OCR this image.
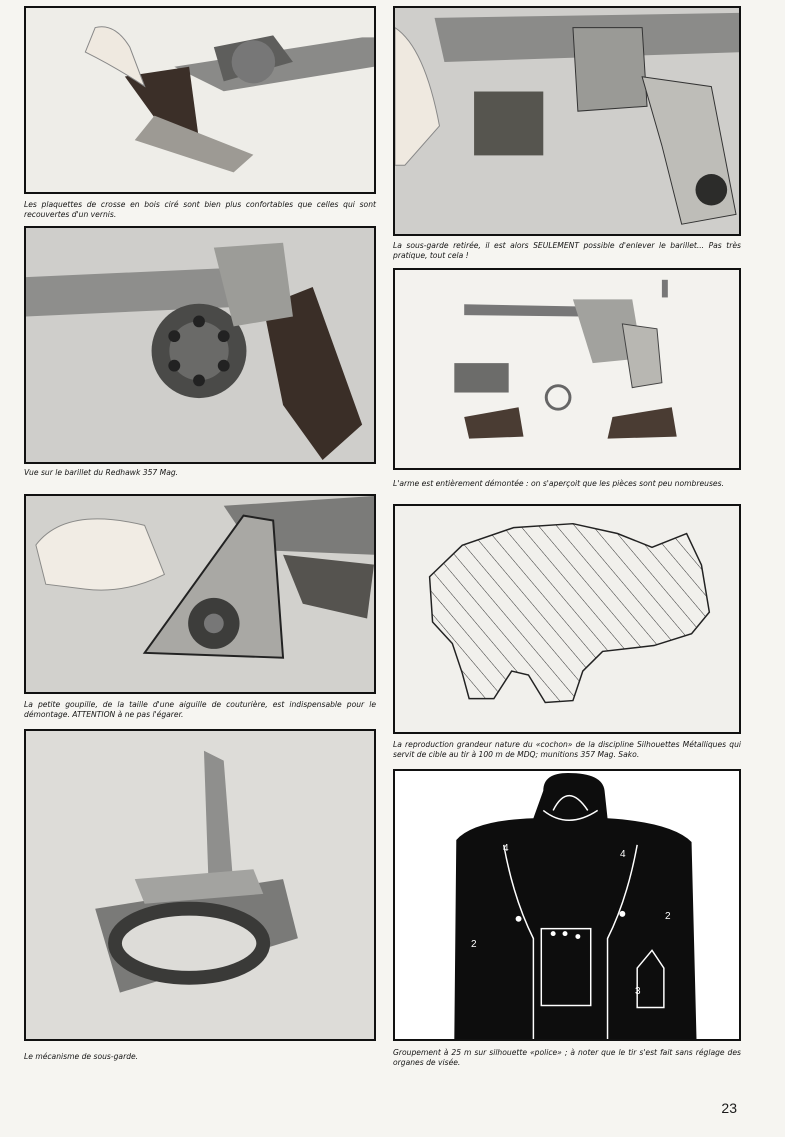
Les plaquettes de crosse en bois ciré sont bien plus confortables que celles qui sont recouvertes d'un vernis.
Vue sur le barillet du Redhawk 357 Mag.
La petite goupille, de la taille d'une aiguille de couturière, est indispensable pour le démontage. ATTENTION à ne pas l'égarer.
Le mécanisme de sous-garde.
La sous-garde retirée, il est alors SEULEMENT possible d'enlever le barillet... Pas très pratique, tout cela !
L'arme est entièrement démontée : on s'aperçoit que les pièces sont peu nombreuses.
La reproduction grandeur nature du «cochon» de la discipline Silhouettes Métalliques qui servit de cible au tir à 100 m de MDQ; munitions 357 Mag. Sako.
4
4
2
2
3
Groupement à 25 m sur silhouette «police» ; à noter que le tir s'est fait sans réglage des organes de visée.
23
